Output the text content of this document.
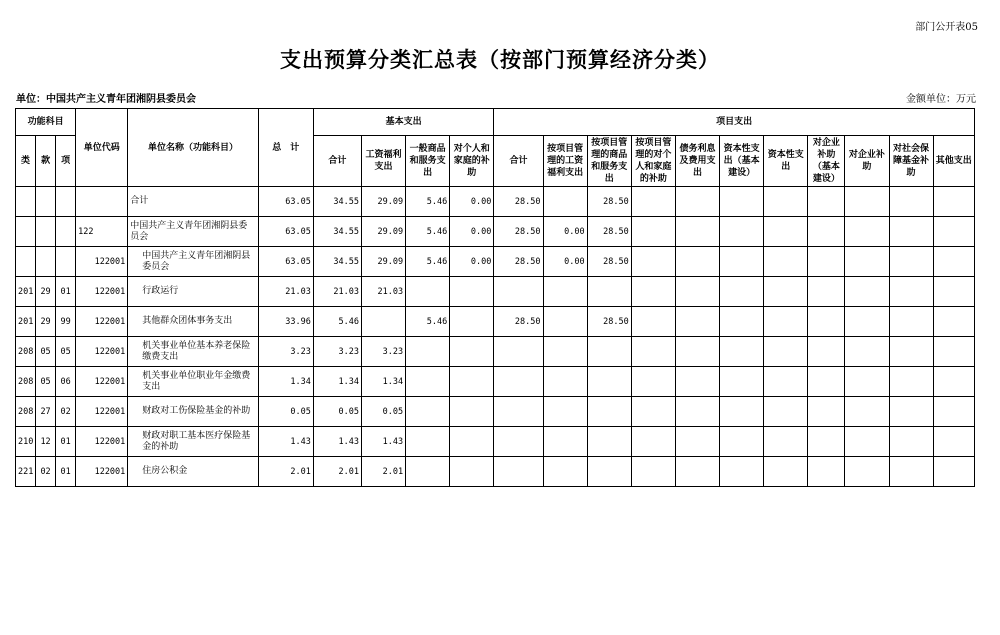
部门公开表05
支出预算分类汇总表（按部门预算经济分类）
单位：中国共产主义青年团湘阴县委员会	金额单位：万元
功能科目			单位代码	单位名称（功能科目）	总　计	基本支出				项目支出										
类	款	项				合计	工资福利支出	一般商品和服务支出	对个人和家庭的补助	合计	按项目管理的工资福利支出	按项目管理的商品和服务支出	按项目管理的对个人和家庭的补助	债务利息及费用支出	资本性支出（基本建设）	资本性支出	对企业补助（基本建设）	对企业补助	对社会保障基金补助	其他支出
				合计	63.05	34.55	29.09	5.46	0.00	28.50		28.50								
			122	中国共产主义青年团湘阴县委员会	63.05	34.55	29.09	5.46	0.00	28.50	0.00	28.50								
			122001	中国共产主义青年团湘阴县委员会	63.05	34.55	29.09	5.46	0.00	28.50	0.00	28.50								
201	29	01	122001	行政运行	21.03	21.03	21.03													
201	29	99	122001	其他群众团体事务支出	33.96	5.46		5.46		28.50		28.50								
208	05	05	122001	机关事业单位基本养老保险缴费支出	3.23	3.23	3.23													
208	05	06	122001	机关事业单位职业年金缴费支出	1.34	1.34	1.34													
208	27	02	122001	财政对工伤保险基金的补助	0.05	0.05	0.05													
210	12	01	122001	财政对职工基本医疗保险基金的补助	1.43	1.43	1.43													
221	02	01	122001	住房公积金	2.01	2.01	2.01													
